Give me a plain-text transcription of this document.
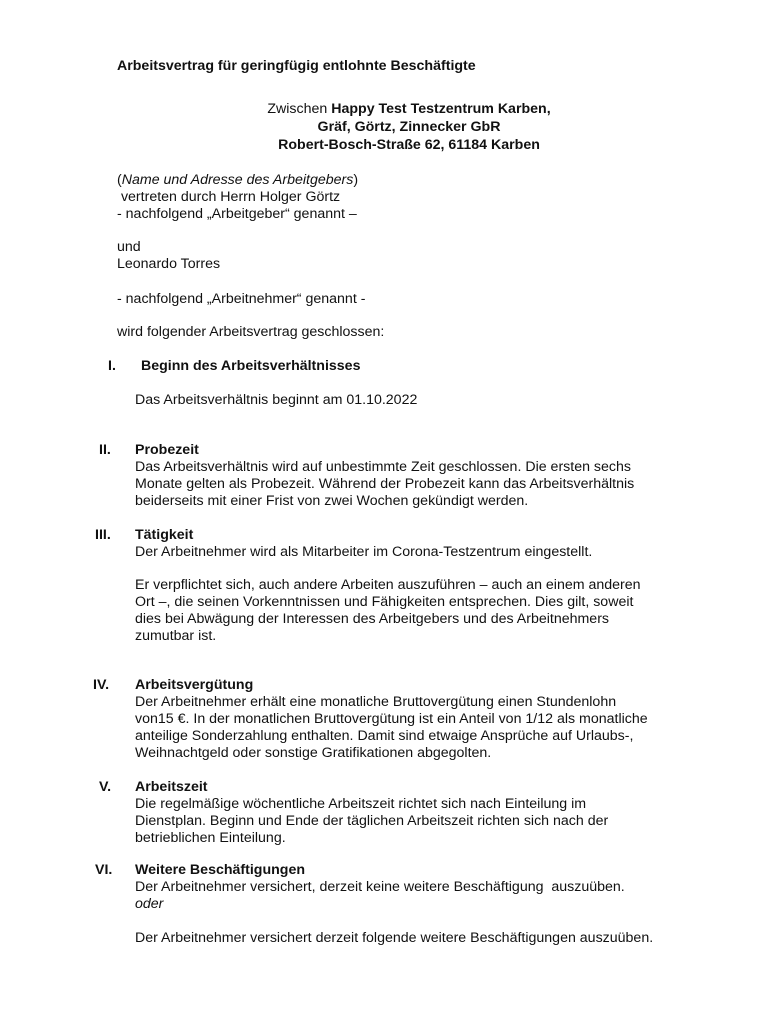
Arbeitsvertrag für geringfügig entlohnte Beschäftigte
Zwischen Happy Test Testzentrum Karben,
Gräf, Görtz, Zinnecker GbR
Robert-Bosch-Straße 62, 61184 Karben
(Name und Adresse des Arbeitgebers)
vertreten durch Herrn Holger Görtz
- nachfolgend „Arbeitgeber“ genannt –
und
Leonardo Torres
- nachfolgend „Arbeitnehmer“ genannt -
wird folgender Arbeitsvertrag geschlossen:
I. Beginn des Arbeitsverhältnisses
Das Arbeitsverhältnis beginnt am 01.10.2022
II. Probezeit
Das Arbeitsverhältnis wird auf unbestimmte Zeit geschlossen. Die ersten sechs
Monate gelten als Probezeit. Während der Probezeit kann das Arbeitsverhältnis
beiderseits mit einer Frist von zwei Wochen gekündigt werden.
III. Tätigkeit
Der Arbeitnehmer wird als Mitarbeiter im Corona-Testzentrum eingestellt.
Er verpflichtet sich, auch andere Arbeiten auszuführen – auch an einem anderen
Ort –, die seinen Vorkenntnissen und Fähigkeiten entsprechen. Dies gilt, soweit
dies bei Abwägung der Interessen des Arbeitgebers und des Arbeitnehmers
zumutbar ist.
IV. Arbeitsvergütung
Der Arbeitnehmer erhält eine monatliche Bruttovergütung einen Stundenlohn
von15 €. In der monatlichen Bruttovergütung ist ein Anteil von 1/12 als monatliche
anteilige Sonderzahlung enthalten. Damit sind etwaige Ansprüche auf Urlaubs-,
Weihnachtgeld oder sonstige Gratifikationen abgegolten.
V. Arbeitszeit
Die regelmäßige wöchentliche Arbeitszeit richtet sich nach Einteilung im
Dienstplan. Beginn und Ende der täglichen Arbeitszeit richten sich nach der
betrieblichen Einteilung.
VI. Weitere Beschäftigungen
Der Arbeitnehmer versichert, derzeit keine weitere Beschäftigung  auszuüben.
oder
Der Arbeitnehmer versichert derzeit folgende weitere Beschäftigungen auszuüben.
